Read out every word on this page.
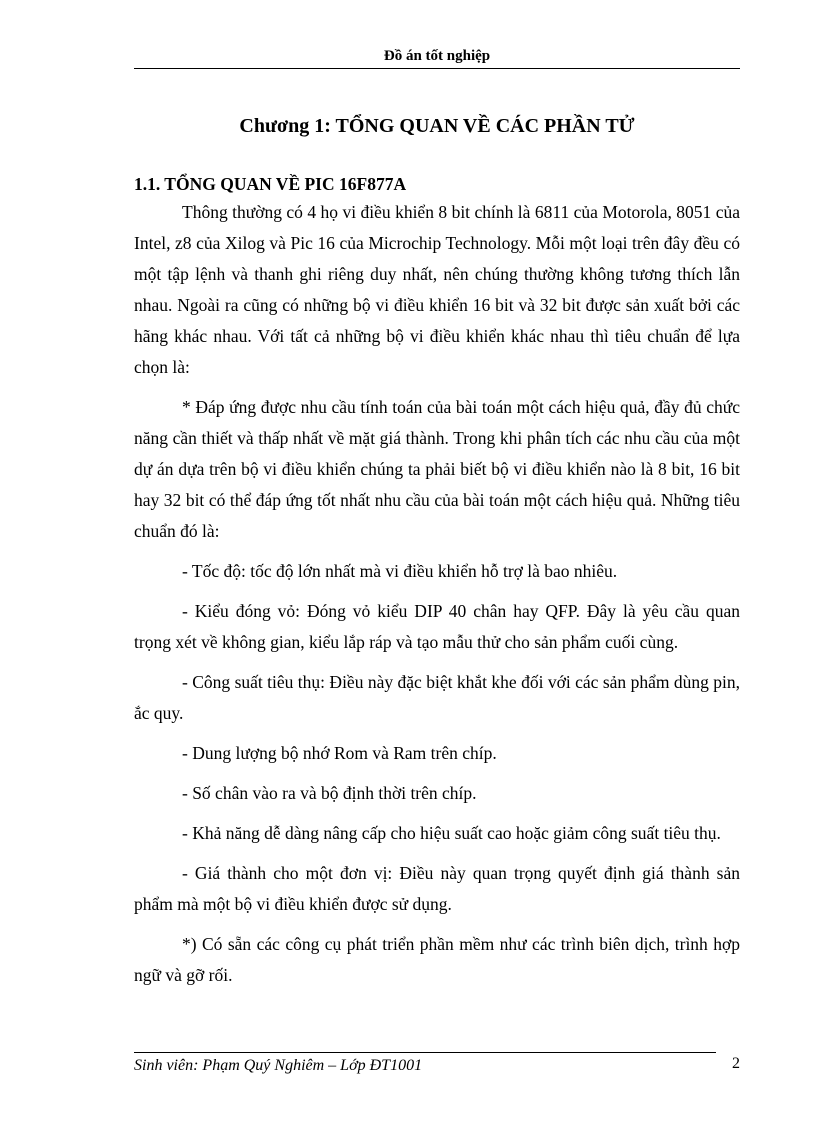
Đồ án tốt nghiệp
Chương 1: TỔNG QUAN VỀ CÁC PHẦN TỬ
1.1. TỔNG QUAN VỀ PIC 16F877A

Thông thường có 4 họ vi điều khiển 8 bit chính là 6811 của Motorola, 8051 của Intel, z8 của Xilog và Pic 16 của Microchip Technology. Mỗi một loại trên đây đều có một tập lệnh và thanh ghi riêng duy nhất, nên chúng thường không tương thích lẫn nhau. Ngoài ra cũng có những bộ vi điều khiển 16 bit và 32 bit được sản xuất bởi các hãng khác nhau. Với tất cả những bộ vi điều khiển khác nhau thì tiêu chuẩn để lựa chọn là:

* Đáp ứng được nhu cầu tính toán của bài toán một cách hiệu quả, đầy đủ chức năng cần thiết và thấp nhất về mặt giá thành. Trong khi phân tích các nhu cầu của một dự án dựa trên bộ vi điều khiển chúng ta phải biết bộ vi điều khiển nào là 8 bit, 16 bit hay 32 bit có thể đáp ứng tốt nhất nhu cầu của bài toán một cách hiệu quả. Những tiêu chuẩn đó là:

- Tốc độ: tốc độ lớn nhất mà vi điều khiển hỗ trợ là bao nhiêu.

- Kiểu đóng vỏ: Đóng vỏ kiểu DIP 40 chân hay QFP. Đây là yêu cầu quan trọng xét về không gian, kiểu lắp ráp và tạo mẫu thử cho sản phẩm cuối cùng.

- Công suất tiêu thụ: Điều này đặc biệt khắt khe đối với các sản phẩm dùng pin, ắc quy.

- Dung lượng bộ nhớ Rom và Ram trên chíp.

- Số chân vào ra và bộ định thời trên chíp.

- Khả năng dễ dàng nâng cấp cho hiệu suất cao hoặc giảm công suất tiêu thụ.

- Giá thành cho một đơn vị: Điều này quan trọng quyết định giá thành sản phẩm mà một bộ vi điều khiển được sử dụng.

*) Có sẵn các công cụ phát triển phần mềm như các trình biên dịch, trình hợp ngữ và gỡ rối.

Sinh viên: Phạm Quý Nghiêm – Lớp ĐT1001	2
